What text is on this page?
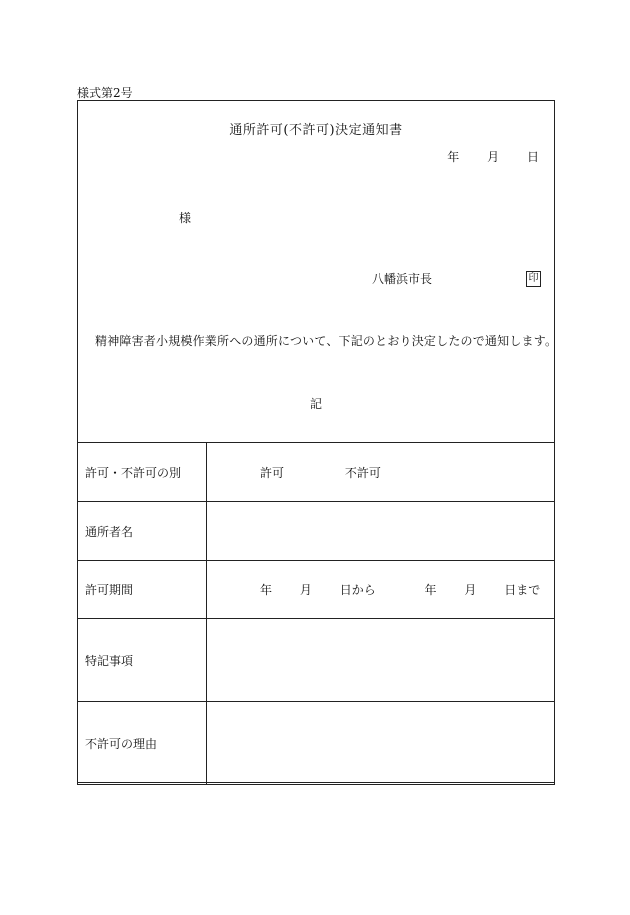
様式第2号
通所許可(不許可)決定通知書
年 月 日
様
八幡浜市長	印
精神障害者小規模作業所への通所について、下記のとおり決定したので通知します。
記
許可・不許可の別	許可 不許可
通所者名	
許可期間	年 月 日から 年 月 日まで

特記事項	
不許可の理由	
